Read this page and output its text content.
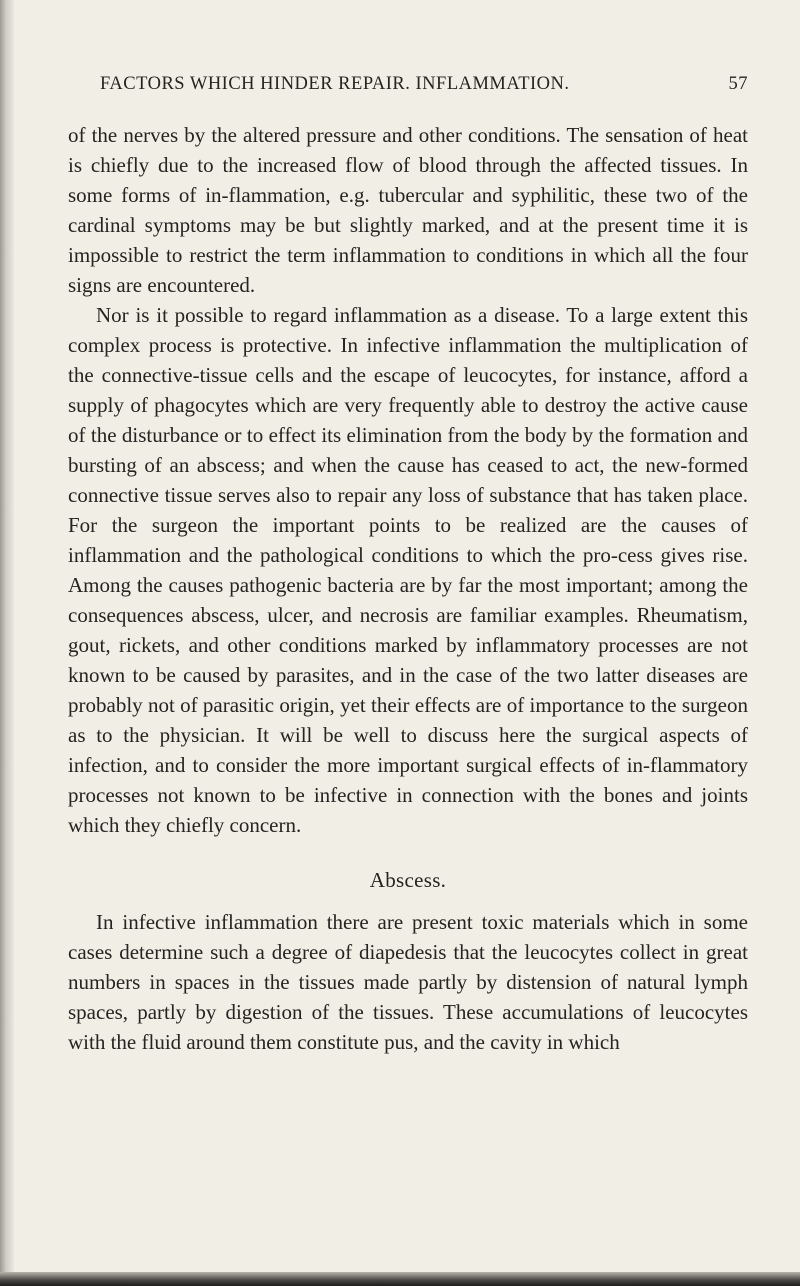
FACTORS WHICH HINDER REPAIR. INFLAMMATION.	57

of the nerves by the altered pressure and other conditions. The sensation of heat is chiefly due to the increased flow of blood through the affected tissues. In some forms of in-flammation, e.g. tubercular and syphilitic, these two of the cardinal symptoms may be but slightly marked, and at the present time it is impossible to restrict the term inflammation to conditions in which all the four signs are encountered.

Nor is it possible to regard inflammation as a disease. To a large extent this complex process is protective. In infective inflammation the multiplication of the connective-tissue cells and the escape of leucocytes, for instance, afford a supply of phagocytes which are very frequently able to destroy the active cause of the disturbance or to effect its elimination from the body by the formation and bursting of an abscess; and when the cause has ceased to act, the new-formed connective tissue serves also to repair any loss of substance that has taken place. For the surgeon the important points to be realized are the causes of inflammation and the pathological conditions to which the pro-cess gives rise. Among the causes pathogenic bacteria are by far the most important; among the consequences abscess, ulcer, and necrosis are familiar examples. Rheumatism, gout, rickets, and other conditions marked by inflammatory processes are not known to be caused by parasites, and in the case of the two latter diseases are probably not of parasitic origin, yet their effects are of importance to the surgeon as to the physician. It will be well to discuss here the surgical aspects of infection, and to consider the more important surgical effects of in-flammatory processes not known to be infective in connection with the bones and joints which they chiefly concern.

Abscess.

In infective inflammation there are present toxic materials which in some cases determine such a degree of diapedesis that the leucocytes collect in great numbers in spaces in the tissues made partly by distension of natural lymph spaces, partly by digestion of the tissues. These accumulations of leucocytes with the fluid around them constitute pus, and the cavity in which
